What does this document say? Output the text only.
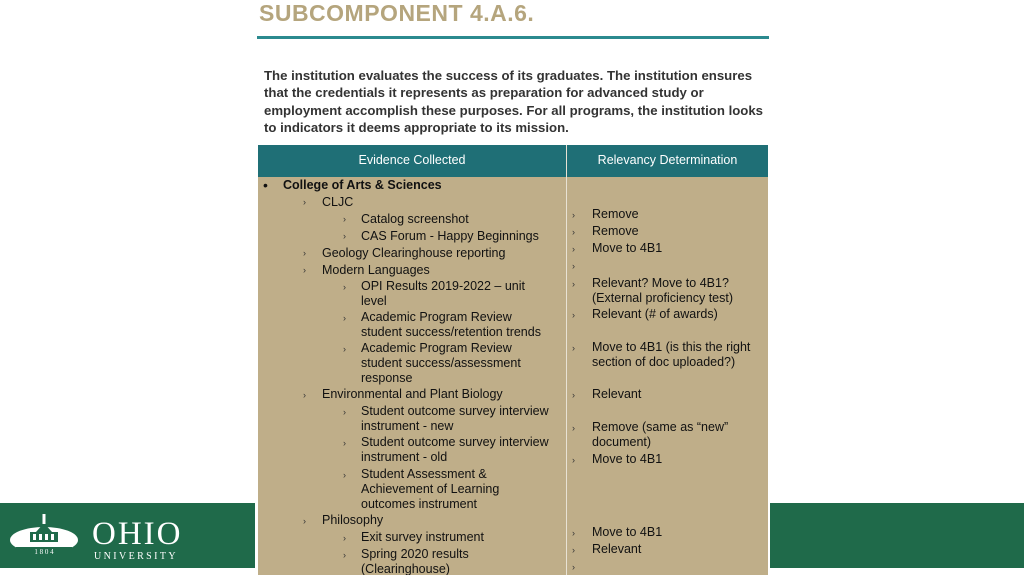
1 8 0 4 OHIO
UNIVERSITY
SUBCOMPONENT 4.A.6.
The institution evaluates the success of its graduates. The institution ensures
that the credentials it represents as preparation for advanced study or
employment accomplish these purposes. For all programs, the institution looks
to indicators it deems appropriate to its mission.
Evidence Collected	Relevancy Determination
• College of Arts & Sciences
› CLJC
› Catalog screenshot
› CAS Forum - Happy Beginnings
› Geology Clearinghouse reporting
› Modern Languages
› OPI Results 2019-2022 – unit
level
› Academic Program Review
student success/retention trends
› Academic Program Review
student success/assessment
response
› Environmental and Plant Biology
› Student outcome survey interview
instrument - new
› Student outcome survey interview
instrument - old
› Student Assessment &
Achievement of Learning
outcomes instrument
› Philosophy
› Exit survey instrument
› Spring 2020 results
(Clearinghouse)
› Remove
› Remove
› Move to 4B1
›
› Relevant? Move to 4B1?
(External proficiency test)
› Relevant (# of awards)
› Move to 4B1 (is this the right
section of doc uploaded?)
› Relevant
› Remove (same as “new”
document)
› Move to 4B1
› Move to 4B1
› Relevant
›
